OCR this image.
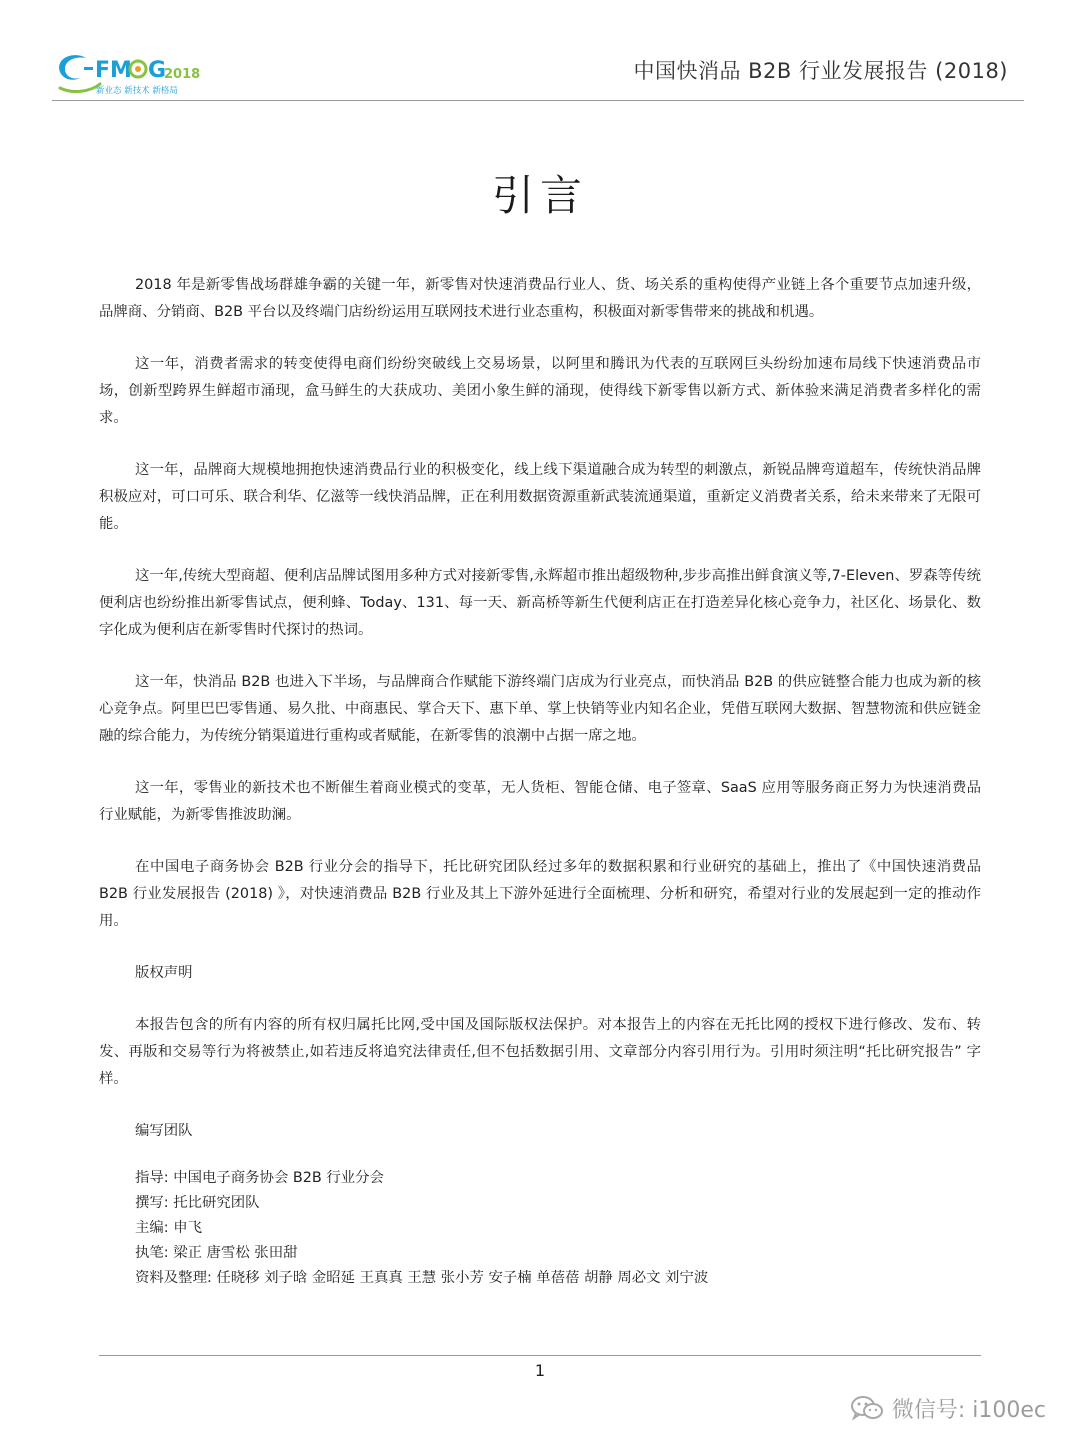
FM G
2018
新业态 新技术 新格局
中国快消品 B2B 行业发展报告 (2018)
引言

2018 年是新零售战场群雄争霸的关键一年，新零售对快速消费品行业人、货、场关系的重构使得产业链上各个重要节点加速升级，品牌商、分销商、B2B 平台以及终端门店纷纷运用互联网技术进行业态重构，积极面对新零售带来的挑战和机遇。

这一年，消费者需求的转变使得电商们纷纷突破线上交易场景，以阿里和腾讯为代表的互联网巨头纷纷加速布局线下快速消费品市场，创新型跨界生鲜超市涌现，盒马鲜生的大获成功、美团小象生鲜的涌现，使得线下新零售以新方式、新体验来满足消费者多样化的需求。

这一年，品牌商大规模地拥抱快速消费品行业的积极变化，线上线下渠道融合成为转型的刺激点，新锐品牌弯道超车，传统快消品牌积极应对，可口可乐、联合利华、亿滋等一线快消品牌，正在利用数据资源重新武装流通渠道，重新定义消费者关系，给未来带来了无限可能。

这一年,传统大型商超、便利店品牌试图用多种方式对接新零售,永辉超市推出超级物种,步步高推出鲜食演义等,7-Eleven、罗森等传统便利店也纷纷推出新零售试点，便利蜂、Today、131、每一天、新高桥等新生代便利店正在打造差异化核心竞争力，社区化、场景化、数字化成为便利店在新零售时代探讨的热词。

这一年，快消品 B2B 也进入下半场，与品牌商合作赋能下游终端门店成为行业亮点，而快消品 B2B 的供应链整合能力也成为新的核心竞争点。阿里巴巴零售通、易久批、中商惠民、掌合天下、惠下单、掌上快销等业内知名企业，凭借互联网大数据、智慧物流和供应链金融的综合能力，为传统分销渠道进行重构或者赋能，在新零售的浪潮中占据一席之地。

这一年，零售业的新技术也不断催生着商业模式的变革，无人货柜、智能仓储、电子签章、SaaS 应用等服务商正努力为快速消费品行业赋能，为新零售推波助澜。

在中国电子商务协会 B2B 行业分会的指导下，托比研究团队经过多年的数据积累和行业研究的基础上，推出了《中国快速消费品 B2B 行业发展报告 (2018) 》，对快速消费品 B2B 行业及其上下游外延进行全面梳理、分析和研究，希望对行业的发展起到一定的推动作用。

版权声明

本报告包含的所有内容的所有权归属托比网,受中国及国际版权法保护。对本报告上的内容在无托比网的授权下进行修改、发布、转发、再版和交易等行为将被禁止,如若违反将追究法律责任,但不包括数据引用、文章部分内容引用行为。引用时须注明“托比研究报告” 字样。

编写团队

指导: 中国电子商务协会 B2B 行业分会
撰写: 托比研究团队
主编: 申飞
执笔: 梁正 唐雪松 张田甜
资料及整理: 任晓移 刘子晗 金昭延 王真真 王慧 张小芳 安子楠 单蓓蓓 胡静 周必文 刘宁波
1
微信号: i100ec
